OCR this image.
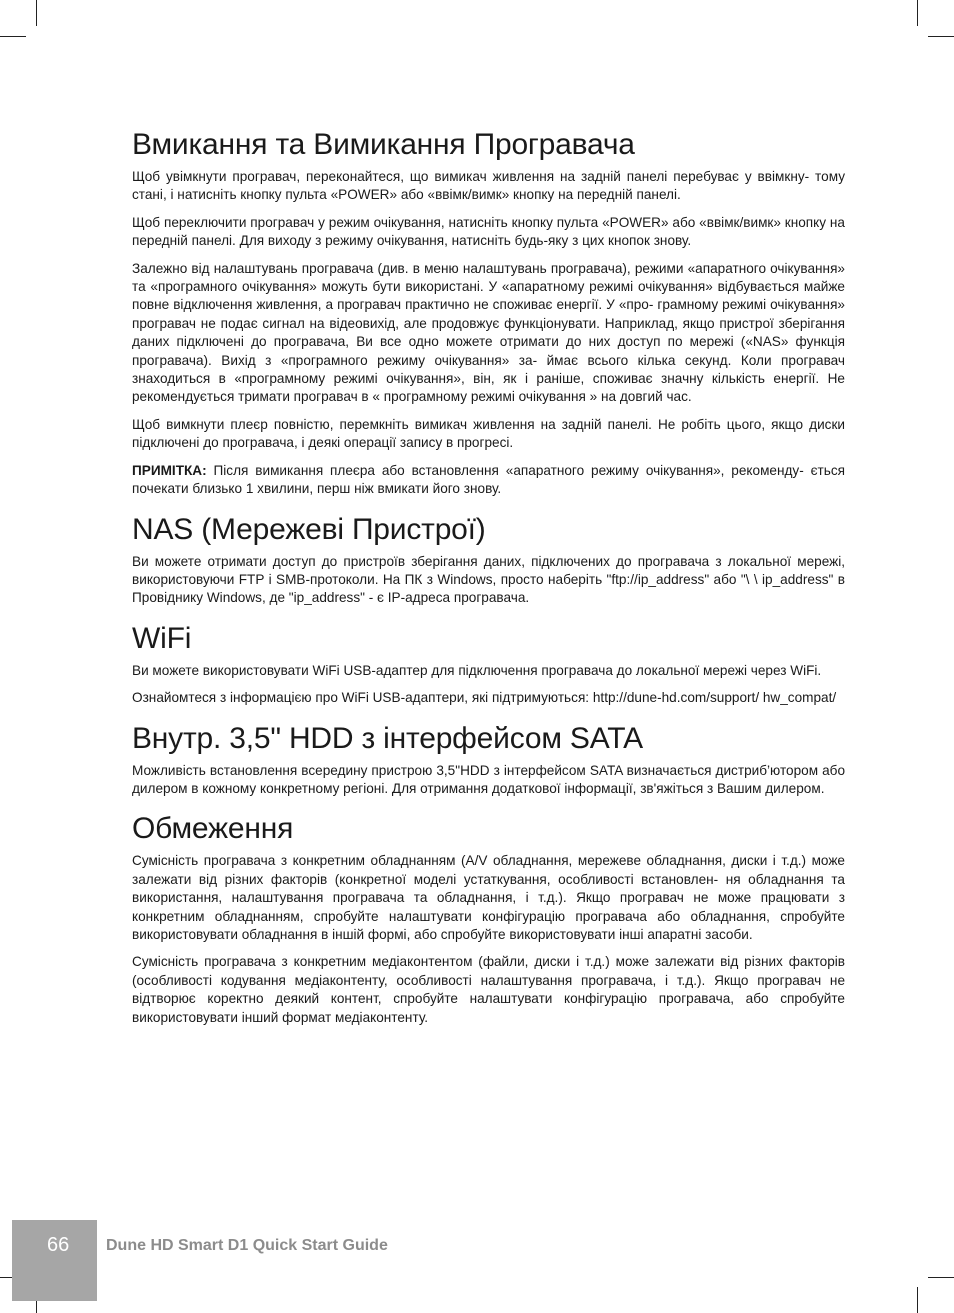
Вмикання та Вимикання Програвача

Щоб увімкнути програвач, переконайтеся, що вимикач живлення на задній панелі перебуває у ввімкну- тому стані, і натисніть кнопку пульта «POWER» або «ввімк/вимк» кнопку на передній панелі.

Щоб переключити програвач у режим очікування, натисніть кнопку пульта «POWER» або «ввімк/вимк» кнопку на передній панелі. Для виходу з режиму очікування, натисніть будь-яку з цих кнопок знову.

Залежно від налаштувань програвача (див. в меню налаштувань програвача), режими «апаратного очікування» та «програмного очікування» можуть бути використані. У «апаратному режимі очікування» відбувається майже повне відключення живлення, а програвач практично не споживає енергії. У «про- грамному режимі очікування» програвач не подає сигнал на відеовихід, але продовжує функціонувати. Наприклад, якщо пристрої зберігання даних підключені до програвача, Ви все одно можете отримати до них доступ по мережі («NAS» функція програвача). Вихід з «програмного режиму очікування» за- ймає всього кілька секунд. Коли програвач знаходиться в «програмному режимі очікування», він, як і раніше, споживає значну кількість енергії. Не рекомендується тримати програвач в « програмному режимі очікування » на довгий час.

Щоб вимкнути плеєр повністю, перемкніть вимикач живлення на задній панелі. Не робіть цього, якщо диски підключені до програвача, і деякі операції запису в прогресі.

ПРИМІТКА: Після вимикання плеєра або встановлення «апаратного режиму очікування», рекоменду- ється почекати близько 1 хвилини, перш ніж вмикати його знову.

NAS (Мережеві Пристрої)

Ви можете отримати доступ до пристроїв зберігання даних, підключених до програвача з локальної мережі, використовуючи FTP і SMB-протоколи. На ПК з Windows, просто наберіть "ftp://ip_address" або "\ \ ip_address" в Провіднику Windows, де "ip_address" - є IP-адреса програвача.

WiFi

Ви можете використовувати WiFi USB-адаптер для підключення програвача до локальної мережі через WiFi.

Ознайомтеся з інформацією про WiFi USB-адаптери, які підтримуються: http://dune-hd.com/support/ hw_compat/

Внутр. 3,5" HDD з інтерфейсом SATA

Можливість встановлення всередину пристрою 3,5"HDD з інтерфейсом SATA визначається дистриб’ютором або дилером в кожному конкретному регіоні. Для отримання додаткової інформації, зв'яжіться з Вашим дилером.

Обмеження

Сумісність програвача з конкретним обладнанням (A/V обладнання, мережеве обладнання, диски і т.д.) може залежати від різних факторів (конкретної моделі устаткування, особливості встановлен- ня обладнання та використання, налаштування програвача та обладнання, і т.д.). Якщо програвач не може працювати з конкретним обладнанням, спробуйте налаштувати конфігурацію програвача або обладнання, спробуйте використовувати обладнання в іншій формі, або спробуйте використовувати інші апаратні засоби.

Сумісність програвача з конкретним медіаконтентом (файли, диски і т.д.) може залежати від різних факторів (особливості кодування медіаконтенту, особливості налаштування програвача, і т.д.). Якщо програвач не відтворює коректно деякий контент, спробуйте налаштувати конфігурацію програвача, або спробуйте використовувати інший формат медіаконтенту.

66 Dune HD Smart D1 Quick Start Guide
